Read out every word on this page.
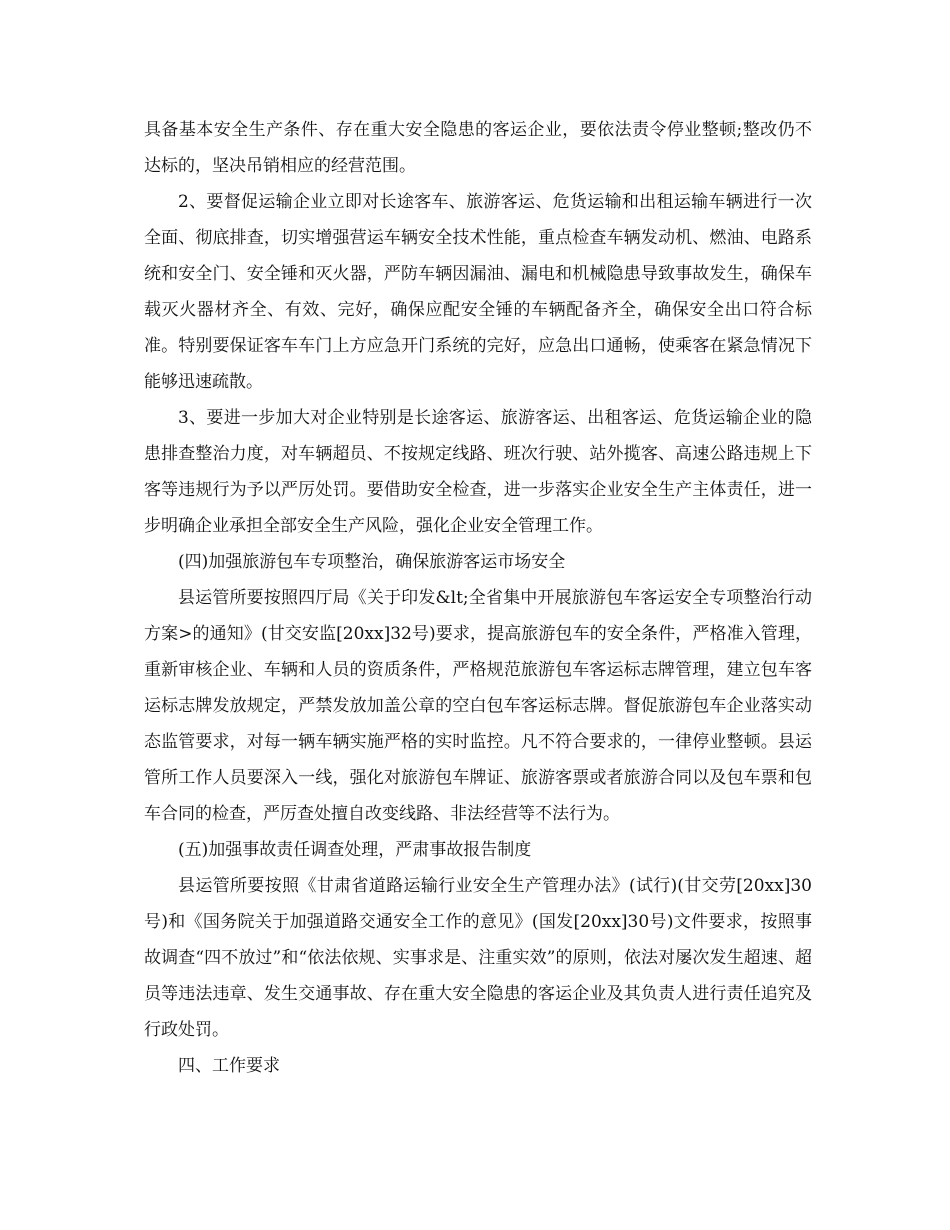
具备基本安全生产条件、存在重大安全隐患的客运企业，要依法责令停业整顿;整改仍不达标的，坚决吊销相应的经营范围。

2、要督促运输企业立即对长途客车、旅游客运、危货运输和出租运输车辆进行一次全面、彻底排查，切实增强营运车辆安全技术性能，重点检查车辆发动机、燃油、电路系统和安全门、安全锤和灭火器，严防车辆因漏油、漏电和机械隐患导致事故发生，确保车载灭火器材齐全、有效、完好，确保应配安全锤的车辆配备齐全，确保安全出口符合标准。特别要保证客车车门上方应急开门系统的完好，应急出口通畅，使乘客在紧急情况下能够迅速疏散。

3、要进一步加大对企业特别是长途客运、旅游客运、出租客运、危货运输企业的隐患排查整治力度，对车辆超员、不按规定线路、班次行驶、站外揽客、高速公路违规上下客等违规行为予以严厉处罚。要借助安全检查，进一步落实企业安全生产主体责任，进一步明确企业承担全部安全生产风险，强化企业安全管理工作。

(四)加强旅游包车专项整治，确保旅游客运市场安全

县运管所要按照四厅局《关于印发&lt;全省集中开展旅游包车客运安全专项整治行动方案>的通知》(甘交安监[20xx]32号)要求，提高旅游包车的安全条件，严格准入管理，重新审核企业、车辆和人员的资质条件，严格规范旅游包车客运标志牌管理，建立包车客运标志牌发放规定，严禁发放加盖公章的空白包车客运标志牌。督促旅游包车企业落实动态监管要求，对每一辆车辆实施严格的实时监控。凡不符合要求的，一律停业整顿。县运管所工作人员要深入一线，强化对旅游包车牌证、旅游客票或者旅游合同以及包车票和包车合同的检查，严厉查处擅自改变线路、非法经营等不法行为。

(五)加强事故责任调查处理，严肃事故报告制度

县运管所要按照《甘肃省道路运输行业安全生产管理办法》(试行)(甘交劳[20xx]30号)和《国务院关于加强道路交通安全工作的意见》(国发[20xx]30号)文件要求，按照事故调查“四不放过”和“依法依规、实事求是、注重实效”的原则，依法对屡次发生超速、超员等违法违章、发生交通事故、存在重大安全隐患的客运企业及其负责人进行责任追究及行政处罚。

四、工作要求
